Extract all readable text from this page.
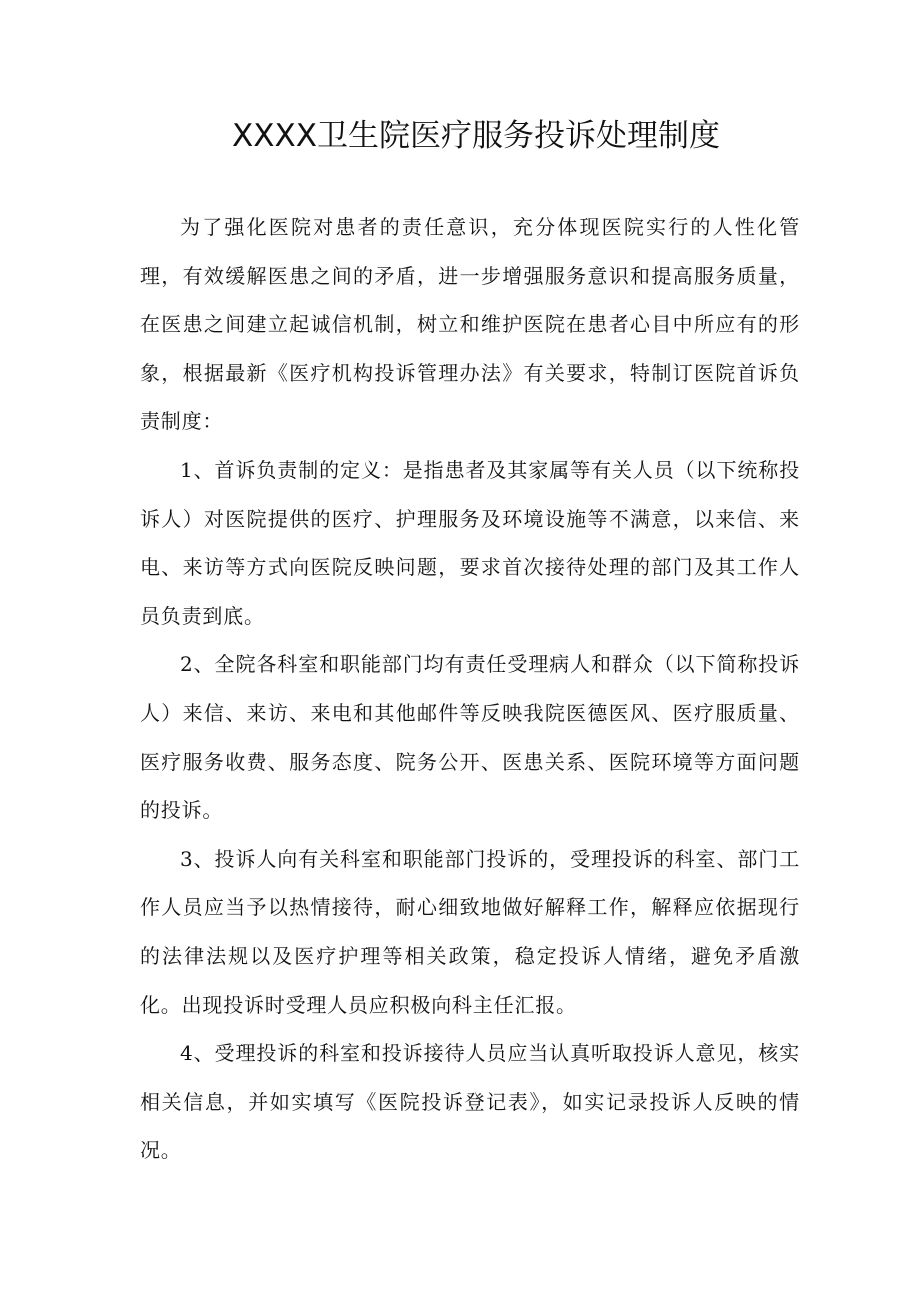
XXXX卫生院医疗服务投诉处理制度

为了强化医院对患者的责任意识，充分体现医院实行的人性化管理，有效缓解医患之间的矛盾，进一步增强服务意识和提高服务质量，在医患之间建立起诚信机制，树立和维护医院在患者心目中所应有的形象，根据最新《医疗机构投诉管理办法》有关要求，特制订医院首诉负责制度：

1、首诉负责制的定义：是指患者及其家属等有关人员（以下统称投诉人）对医院提供的医疗、护理服务及环境设施等不满意，以来信、来电、来访等方式向医院反映问题，要求首次接待处理的部门及其工作人员负责到底。

2、全院各科室和职能部门均有责任受理病人和群众（以下简称投诉人）来信、来访、来电和其他邮件等反映我院医德医风、医疗服质量、医疗服务收费、服务态度、院务公开、医患关系、医院环境等方面问题的投诉。

3、投诉人向有关科室和职能部门投诉的，受理投诉的科室、部门工作人员应当予以热情接待，耐心细致地做好解释工作，解释应依据现行的法律法规以及医疗护理等相关政策，稳定投诉人情绪，避免矛盾激化。出现投诉时受理人员应积极向科主任汇报。

4、受理投诉的科室和投诉接待人员应当认真听取投诉人意见，核实相关信息，并如实填写《医院投诉登记表》，如实记录投诉人反映的情况。
